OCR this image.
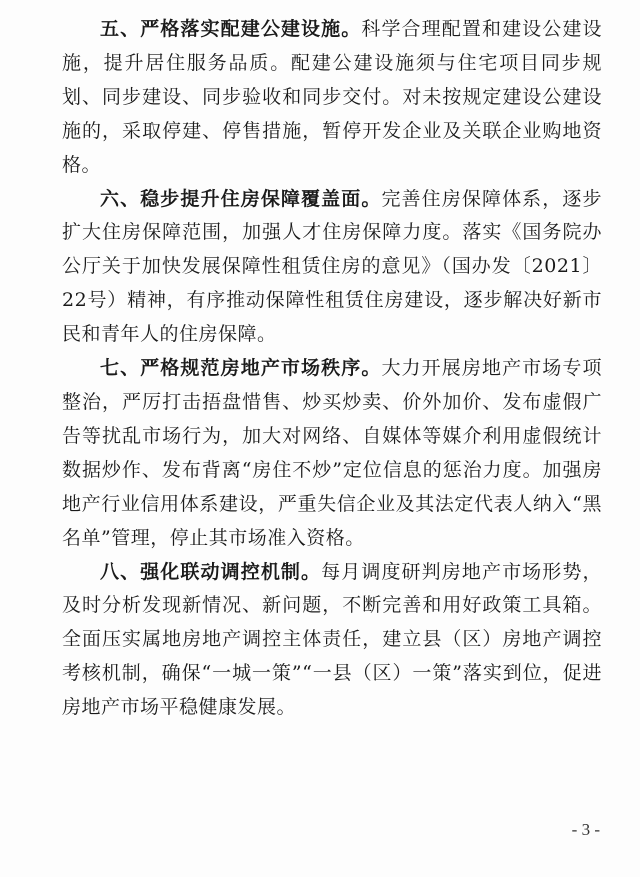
五、严格落实配建公建设施。科学合理配置和建设公建设施，提升居住服务品质。配建公建设施须与住宅项目同步规划、同步建设、同步验收和同步交付。对未按规定建设公建设施的，采取停建、停售措施，暂停开发企业及关联企业购地资格。

六、稳步提升住房保障覆盖面。完善住房保障体系，逐步扩大住房保障范围，加强人才住房保障力度。落实《国务院办公厅关于加快发展保障性租赁住房的意见》（国办发〔2021〕22号）精神，有序推动保障性租赁住房建设，逐步解决好新市民和青年人的住房保障。

七、严格规范房地产市场秩序。大力开展房地产市场专项整治，严厉打击捂盘惜售、炒买炒卖、价外加价、发布虚假广告等扰乱市场行为，加大对网络、自媒体等媒介利用虚假统计数据炒作、发布背离“房住不炒”定位信息的惩治力度。加强房地产行业信用体系建设，严重失信企业及其法定代表人纳入“黑名单”管理，停止其市场准入资格。

八、强化联动调控机制。每月调度研判房地产市场形势，及时分析发现新情况、新问题，不断完善和用好政策工具箱。全面压实属地房地产调控主体责任，建立县（区）房地产调控考核机制，确保“一城一策”“一县（区）一策”落实到位，促进房地产市场平稳健康发展。

- 3 -
